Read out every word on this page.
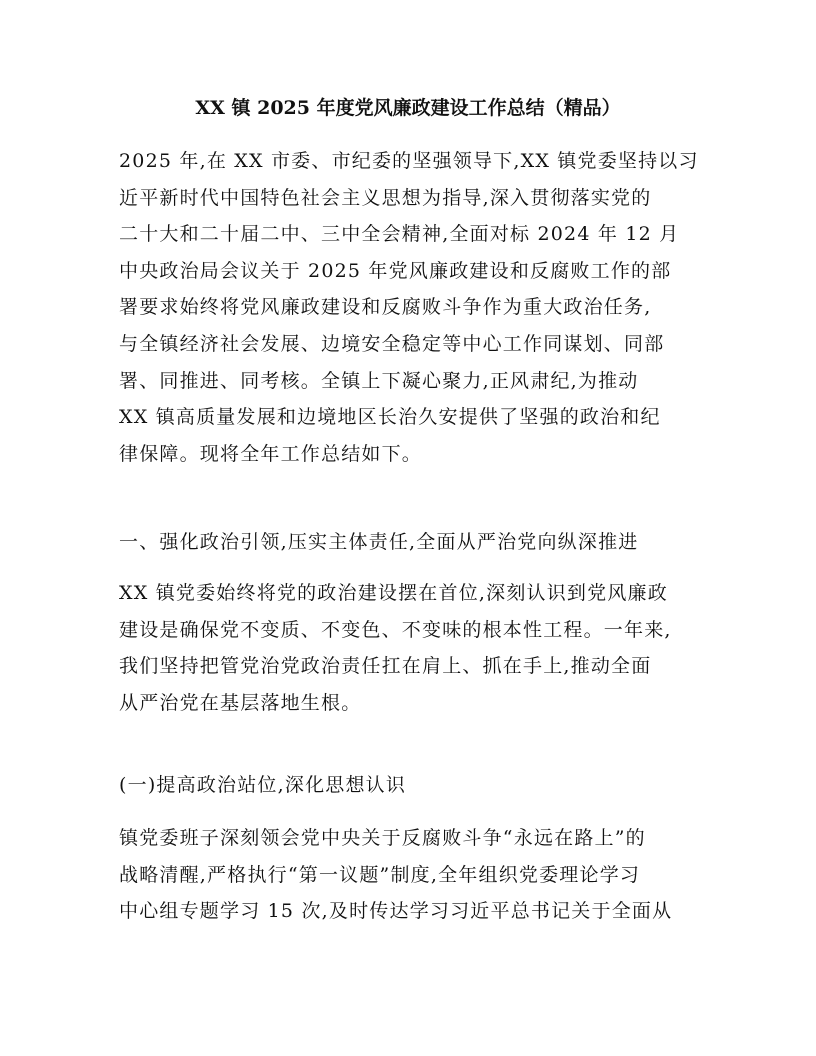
XX 镇 2025 年度党风廉政建设工作总结（精品）
2025 年,在 XX 市委、市纪委的坚强领导下,XX 镇党委坚持以习
近平新时代中国特色社会主义思想为指导,深入贯彻落实党的
二十大和二十届二中、三中全会精神,全面对标 2024 年 12 月
中央政治局会议关于 2025 年党风廉政建设和反腐败工作的部
署要求始终将党风廉政建设和反腐败斗争作为重大政治任务,
与全镇经济社会发展、边境安全稳定等中心工作同谋划、同部
署、同推进、同考核。全镇上下凝心聚力,正风肃纪,为推动
XX 镇高质量发展和边境地区长治久安提供了坚强的政治和纪
律保障。现将全年工作总结如下。
一、强化政治引领,压实主体责任,全面从严治党向纵深推进
XX 镇党委始终将党的政治建设摆在首位,深刻认识到党风廉政
建设是确保党不变质、不变色、不变味的根本性工程。一年来,
我们坚持把管党治党政治责任扛在肩上、抓在手上,推动全面
从严治党在基层落地生根。
(一)提高政治站位,深化思想认识
镇党委班子深刻领会党中央关于反腐败斗争“永远在路上”的
战略清醒,严格执行“第一议题”制度,全年组织党委理论学习
中心组专题学习 15 次,及时传达学习习近平总书记关于全面从
